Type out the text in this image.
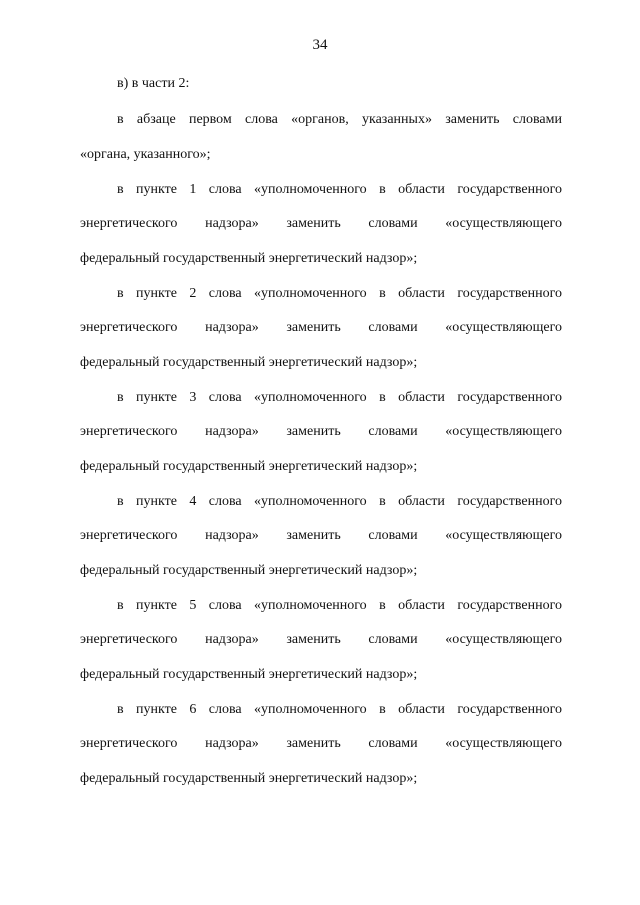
34
в) в части 2:
в абзаце первом слова «органов, указанных» заменить словами
«органа, указанного»;
в пункте 1 слова «уполномоченного в области государственного
энергетического надзора» заменить словами «осуществляющего
федеральный государственный энергетический надзор»;
в пункте 2 слова «уполномоченного в области государственного
энергетического надзора» заменить словами «осуществляющего
федеральный государственный энергетический надзор»;
в пункте 3 слова «уполномоченного в области государственного
энергетического надзора» заменить словами «осуществляющего
федеральный государственный энергетический надзор»;
в пункте 4 слова «уполномоченного в области государственного
энергетического надзора» заменить словами «осуществляющего
федеральный государственный энергетический надзор»;
в пункте 5 слова «уполномоченного в области государственного
энергетического надзора» заменить словами «осуществляющего
федеральный государственный энергетический надзор»;
в пункте 6 слова «уполномоченного в области государственного
энергетического надзора» заменить словами «осуществляющего
федеральный государственный энергетический надзор»;
